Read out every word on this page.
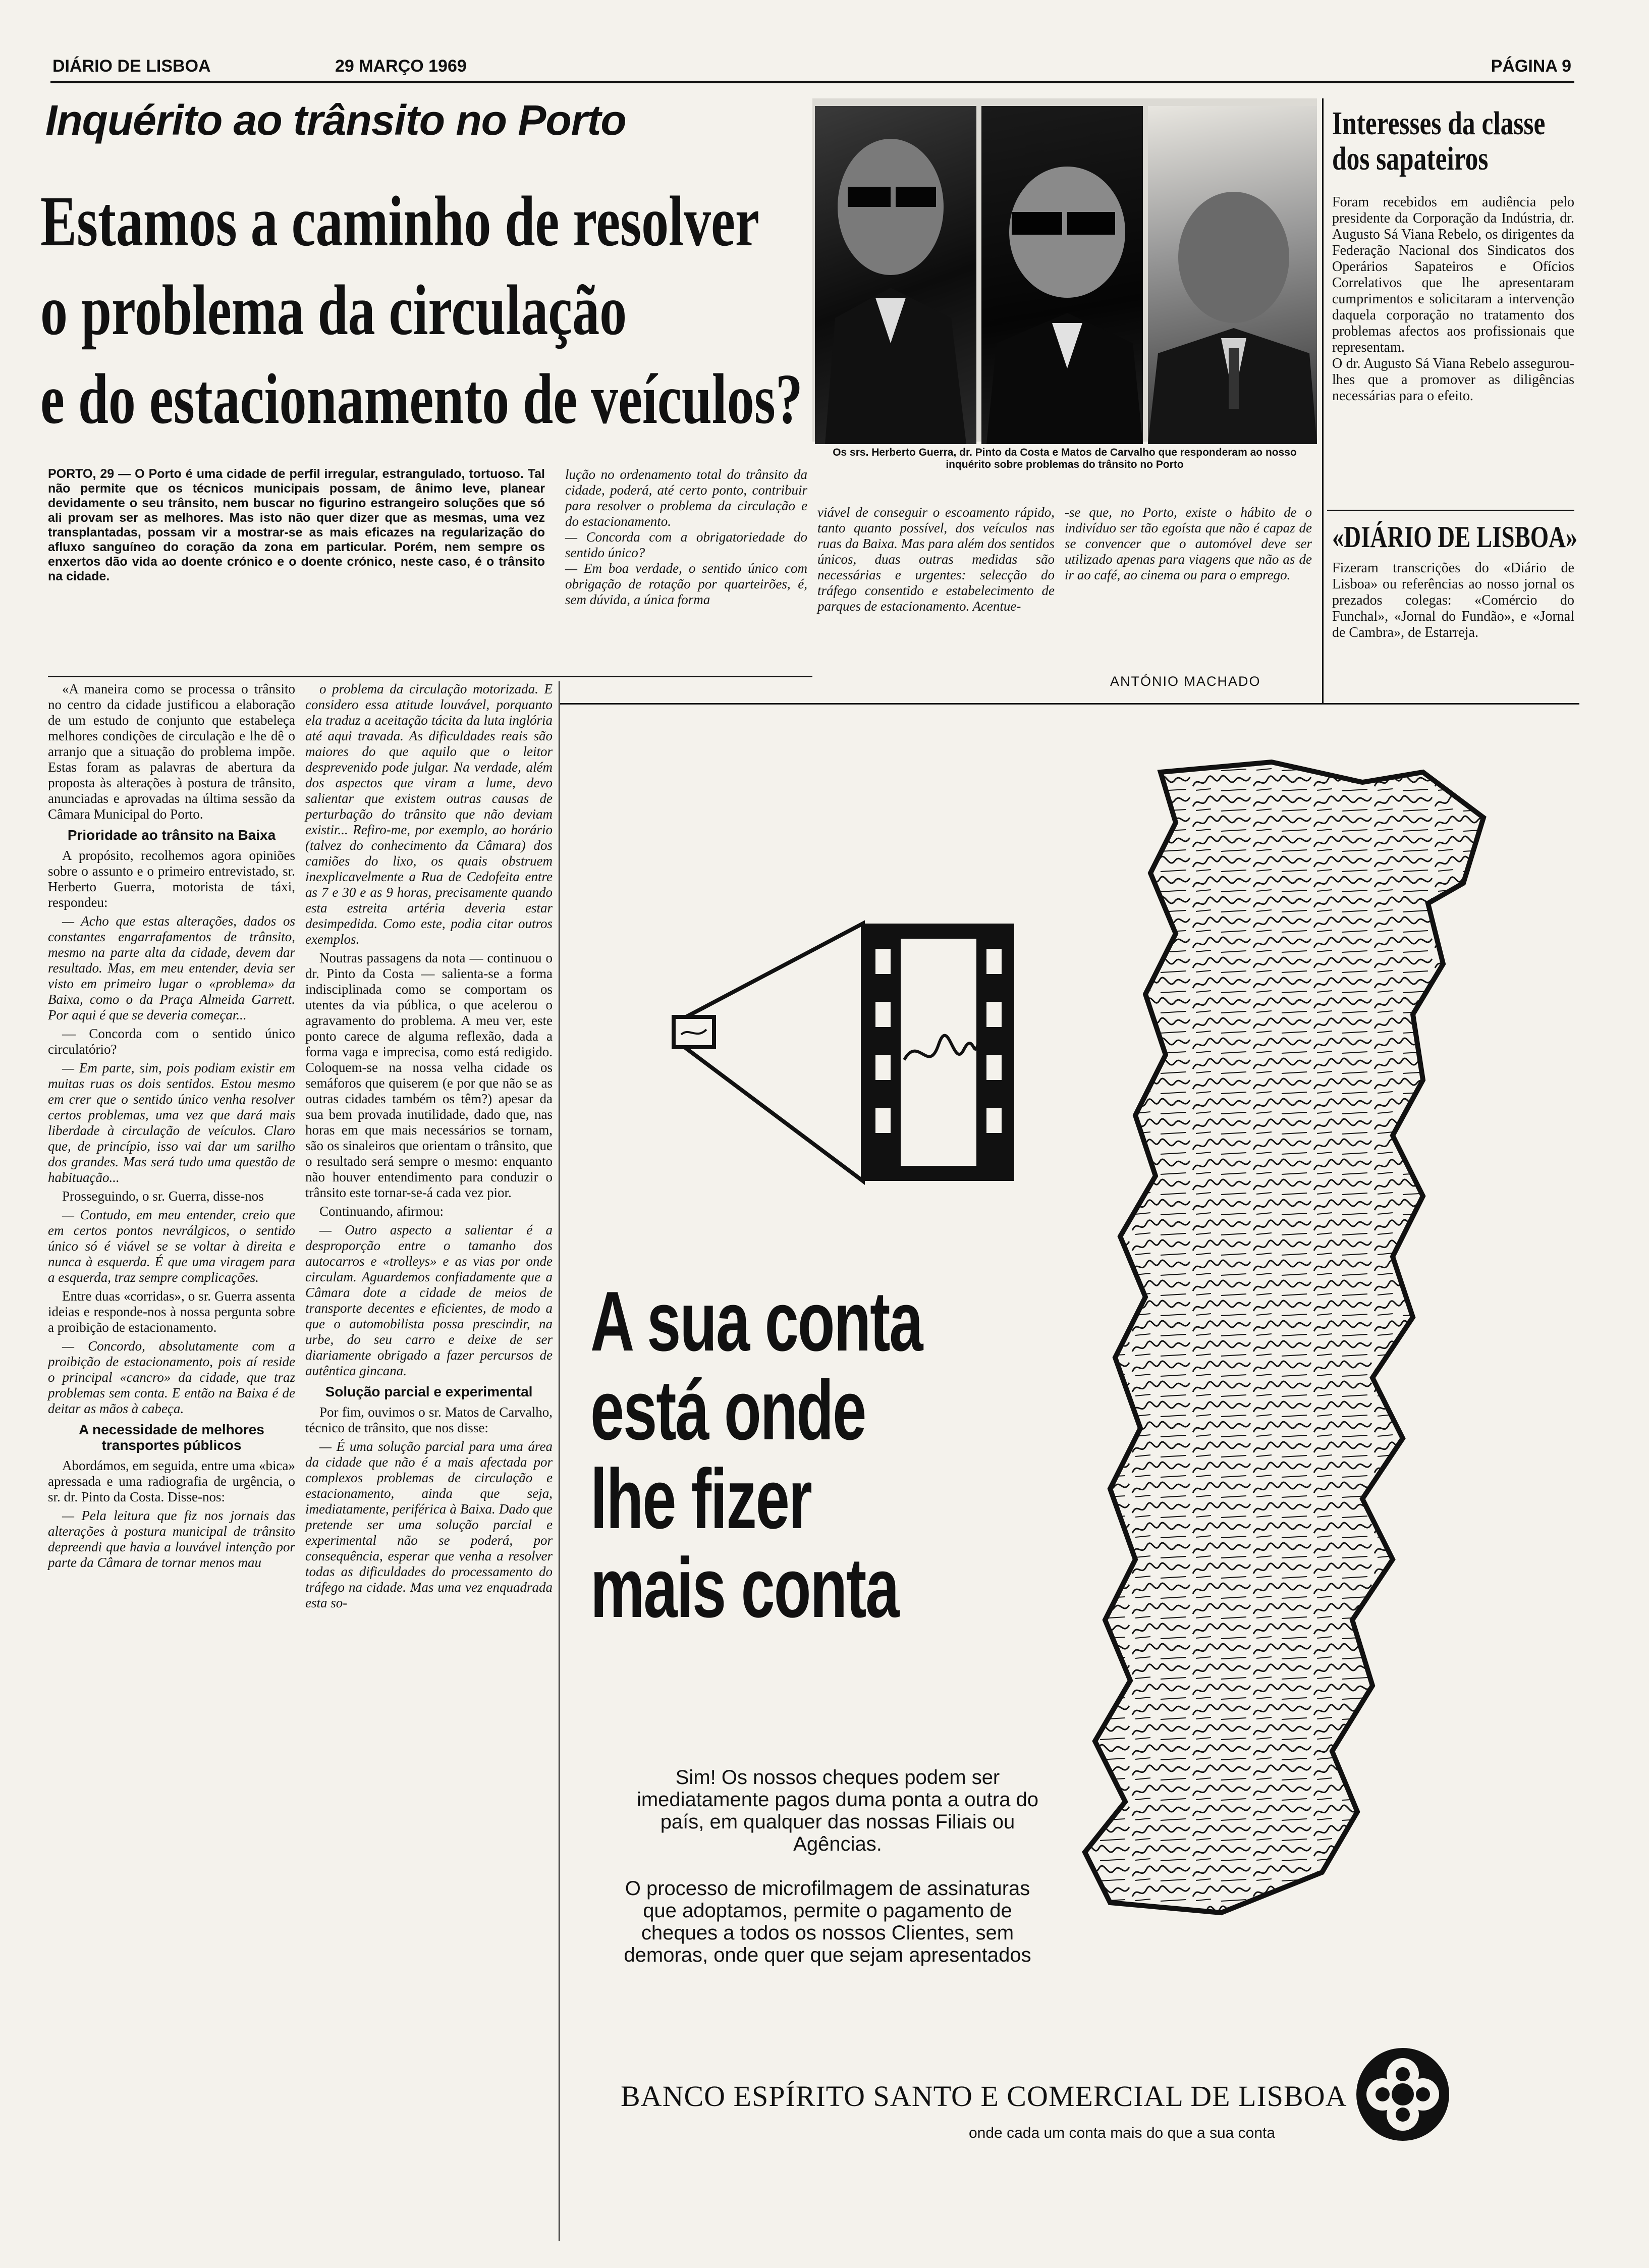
DIÁRIO DE LISBOA	29 MARÇO 1969	PÁGINA 9
Inquérito ao trânsito no Porto
Estamos a caminho de resolver
o problema da circulação
e do estacionamento de veículos?
Os srs. Herberto Guerra, dr. Pinto da Costa e Matos de Carvalho que responderam ao nosso inquérito sobre problemas do trânsito no Porto
PORTO, 29 — O Porto é uma cidade de perfil irregular, estrangulado, tortuoso. Tal não permite que os técnicos municipais possam, de ânimo leve, planear devidamente o seu trânsito, nem buscar no figurino estrangeiro soluções que só ali provam ser as melhores. Mas isto não quer dizer que as mesmas, uma vez transplantadas, possam vir a mostrar-se as mais eficazes na regularização do afluxo sanguíneo do coração da zona em particular. Porém, nem sempre os enxertos dão vida ao doente crónico e o doente crónico, neste caso, é o trânsito na cidade.

«A maneira como se processa o trânsito no centro da cidade justificou a elaboração de um estudo de conjunto que estabeleça melhores condições de circulação e lhe dê o arranjo que a situação do problema impõe. Estas foram as palavras de abertura da proposta às alterações à postura de trânsito, anunciadas e aprovadas na última sessão da Câmara Municipal do Porto.

Prioridade ao trânsito na Baixa

A propósito, recolhemos agora opiniões sobre o assunto e o primeiro entrevistado, sr. Herberto Guerra, motorista de táxi, respondeu:

— Acho que estas alterações, dados os constantes engarrafamentos de trânsito, mesmo na parte alta da cidade, devem dar resultado. Mas, em meu entender, devia ser visto em primeiro lugar o «problema» da Baixa, como o da Praça Almeida Garrett. Por aqui é que se deveria começar...

— Concorda com o sentido único circulatório?

— Em parte, sim, pois podiam existir em muitas ruas os dois sentidos. Estou mesmo em crer que o sentido único venha resolver certos problemas, uma vez que dará mais liberdade à circulação de veículos. Claro que, de princípio, isso vai dar um sarilho dos grandes. Mas será tudo uma questão de habituação...

Prosseguindo, o sr. Guerra, disse-nos

— Contudo, em meu entender, creio que em certos pontos nevrálgicos, o sentido único só é viável se se voltar à direita e nunca à esquerda. É que uma viragem para a esquerda, traz sempre complicações.

Entre duas «corridas», o sr. Guerra assenta ideias e responde-nos à nossa pergunta sobre a proibição de estacionamento.

— Concordo, absolutamente com a proibição de estacionamento, pois aí reside o principal «cancro» da cidade, que traz problemas sem conta. E então na Baixa é de deitar as mãos à cabeça.

A necessidade de melhores transportes públicos

Abordámos, em seguida, entre uma «bica» apressada e uma radiografia de urgência, o sr. dr. Pinto da Costa. Disse-nos:

— Pela leitura que fiz nos jornais das alterações à postura municipal de trânsito depreendi que havia a louvável intenção por parte da Câmara de tornar menos mau

o problema da circulação motorizada. E considero essa atitude louvável, porquanto ela traduz a aceitação tácita da luta inglória até aqui travada. As dificuldades reais são maiores do que aquilo que o leitor desprevenido pode julgar. Na verdade, além dos aspectos que viram a lume, devo salientar que existem outras causas de perturbação do trânsito que não deviam existir... Refiro-me, por exemplo, ao horário (talvez do conhecimento da Câmara) dos camiões do lixo, os quais obstruem inexplicavelmente a Rua de Cedofeita entre as 7 e 30 e as 9 horas, precisamente quando esta estreita artéria deveria estar desimpedida. Como este, podia citar outros exemplos.

Noutras passagens da nota — continuou o dr. Pinto da Costa — salienta-se a forma indisciplinada como se comportam os utentes da via pública, o que acelerou o agravamento do problema. A meu ver, este ponto carece de alguma reflexão, dada a forma vaga e imprecisa, como está redigido. Coloquem-se na nossa velha cidade os semáforos que quiserem (e por que não se as outras cidades também os têm?) apesar da sua bem provada inutilidade, dado que, nas horas em que mais necessários se tornam, são os sinaleiros que orientam o trânsito, que o resultado será sempre o mesmo: enquanto não houver entendimento para conduzir o trânsito este tornar-se-á cada vez pior.

Continuando, afirmou:

— Outro aspecto a salientar é a desproporção entre o tamanho dos autocarros e «trolleys» e as vias por onde circulam. Aguardemos confiadamente que a Câmara dote a cidade de meios de transporte decentes e eficientes, de modo a que o automobilista possa prescindir, na urbe, do seu carro e deixe de ser diariamente obrigado a fazer percursos de autêntica gincana.

Solução parcial e experimental

Por fim, ouvimos o sr. Matos de Carvalho, técnico de trânsito, que nos disse:

— É uma solução parcial para uma área da cidade que não é a mais afectada por complexos problemas de circulação e estacionamento, ainda que seja, imediatamente, periférica à Baixa. Dado que pretende ser uma solução parcial e experimental não se poderá, por consequência, esperar que venha a resolver todas as dificuldades do processamento do tráfego na cidade. Mas uma vez enquadrada esta so-

lução no ordenamento total do trânsito da cidade, poderá, até certo ponto, contribuir para resolver o problema da circulação e do estacionamento.
— Concorda com a obrigatoriedade do sentido único?
— Em boa verdade, o sentido único com obrigação de rotação por quarteirões, é, sem dúvida, a única forma
viável de conseguir o escoamento rápido, tanto quanto possível, dos veículos nas ruas da Baixa. Mas para além dos sentidos únicos, duas outras medidas são necessárias e urgentes: selecção do tráfego consentido e estabelecimento de parques de estacionamento. Acentue-
-se que, no Porto, existe o hábito de o indivíduo ser tão egoísta que não é capaz de se convencer que o automóvel deve ser utilizado apenas para viagens que não as de ir ao café, ao cinema ou para o emprego.
ANTÓNIO MACHADO
Interesses da classe
dos sapateiros
Foram recebidos em audiência pelo presidente da Corporação da Indústria, dr. Augusto Sá Viana Rebelo, os dirigentes da Federação Nacional dos Sindicatos dos Operários Sapateiros e Ofícios Correlativos que lhe apresentaram cumprimentos e solicitaram a intervenção daquela corporação no tratamento dos problemas afectos aos profissionais que representam.
O dr. Augusto Sá Viana Rebelo assegurou-lhes que a promover as diligências necessárias para o efeito.
«DIÁRIO DE LISBOA»
Fizeram transcrições do «Diário de Lisboa» ou referências ao nosso jornal os prezados colegas: «Comércio do Funchal», «Jornal do Fundão», e «Jornal de Cambra», de Estarreja.
A sua conta
está onde
lhe fizer
mais conta
Sim! Os nossos cheques podem ser imediatamente pagos duma ponta a outra do país, em qualquer das nossas Filiais ou Agências.
O processo de microfilmagem de assinaturas que adoptamos, permite o pagamento de cheques a todos os nossos Clientes, sem demoras, onde quer que sejam apresentados
BANCO ESPÍRITO SANTO E COMERCIAL DE LISBOA
onde cada um conta mais do que a sua conta
